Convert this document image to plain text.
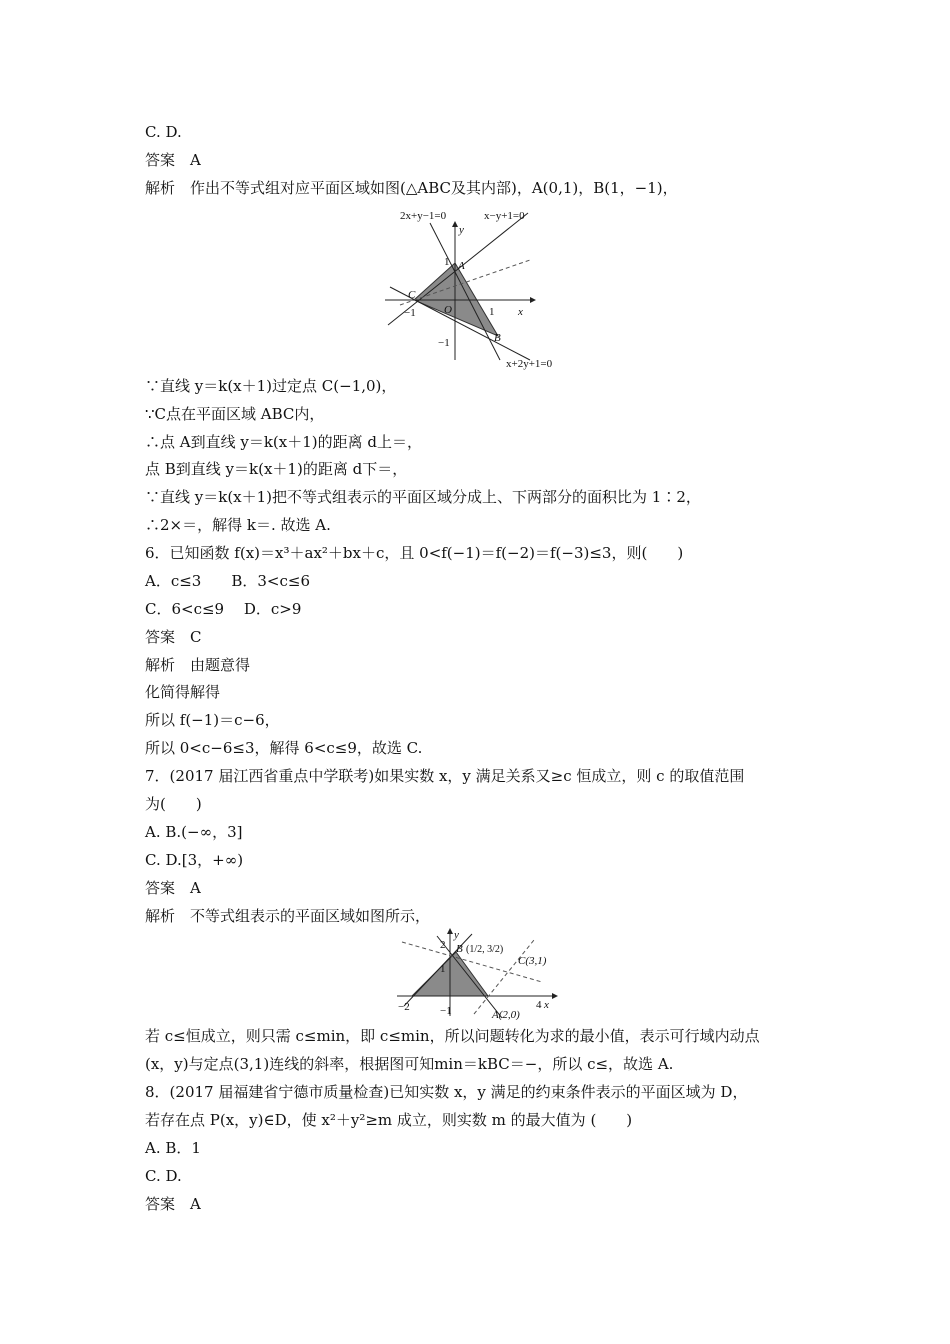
C. D.
答案　A
解析　作出不等式组对应平面区域如图(△ABC及其内部)，A(0,1)，B(1，−1)，
2x+y−1=0	x−y+1=0
x+2y+1=0
y
x
A
B
C
O
1
1
−1
−1
∵直线 y＝k(x＋1)过定点 C(−1,0)，
∵C点在平面区域 ABC内，
∴点 A到直线 y＝k(x＋1)的距离 d上＝，
点 B到直线 y＝k(x＋1)的距离 d下＝，
∵直线 y＝k(x＋1)把不等式组表示的平面区域分成上、下两部分的面积比为 1∶2，
∴2×＝，解得 k＝. 故选 A.
6．已知函数 f(x)＝x³＋ax²＋bx＋c，且 0<f(−1)＝f(−2)＝f(−3)≤3，则(　　)
A．c≤3　　B．3<c≤6
C．6<c≤9　 D．c>9
答案　C
解析　由题意得
化简得解得
所以 f(−1)＝c−6，
所以 0<c−6≤3，解得 6<c≤9，故选 C.
7．(2017 届江西省重点中学联考)如果实数 x，y 满足关系又≥c 恒成立，则 c 的取值范围
为(　　)
A. B.(−∞，3]
C. D.[3，+∞)
答案　A
解析　不等式组表示的平面区域如图所示，
y
x
2
1
−2	−1	4
B (1/2, 3/2)
C(3,1)
A(2,0)
若 c≤恒成立，则只需 c≤min，即 c≤min，所以问题转化为求的最小值，表示可行域内动点
(x，y)与定点(3,1)连线的斜率，根据图可知min＝kBC＝−，所以 c≤，故选 A.
8．(2017 届福建省宁德市质量检查)已知实数 x，y 满足的约束条件表示的平面区域为 D，
若存在点 P(x，y)∈D，使 x²＋y²≥m 成立，则实数 m 的最大值为 (　　)
A. B．1
C. D.
答案　A
